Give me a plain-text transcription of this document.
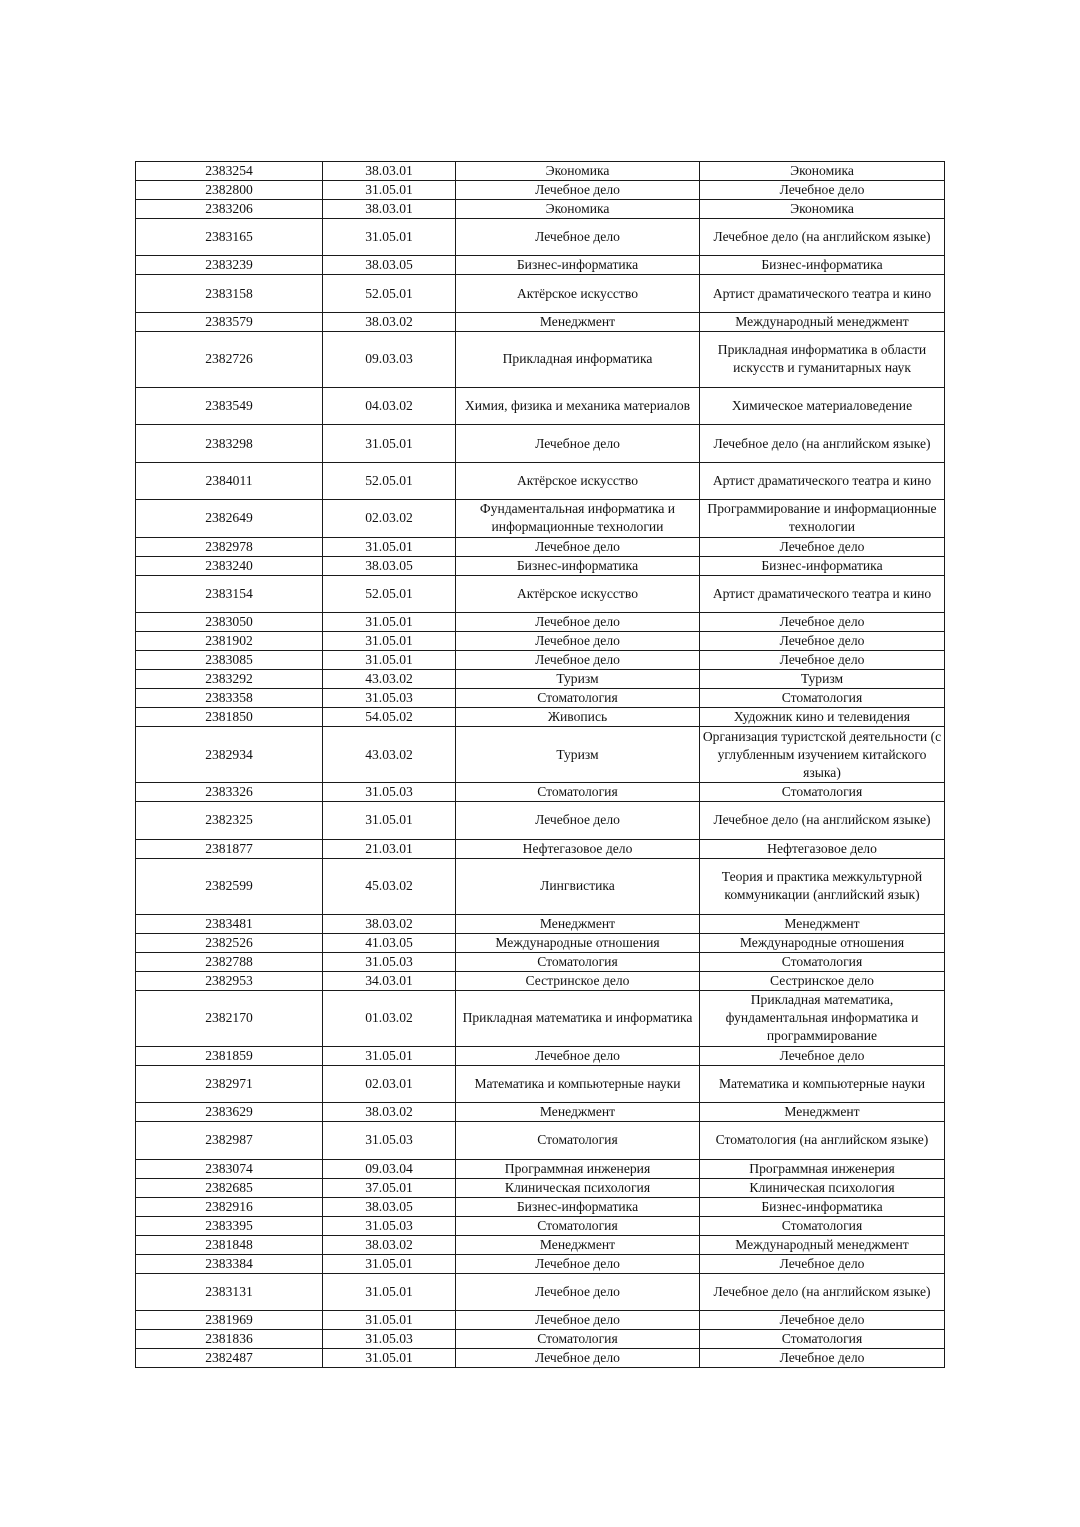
2383254	38.03.01	Экономика	Экономика
2382800	31.05.01	Лечебное дело	Лечебное дело
2383206	38.03.01	Экономика	Экономика
2383165	31.05.01	Лечебное дело	Лечебное дело (на английском языке)
2383239	38.03.05	Бизнес-информатика	Бизнес-информатика
2383158	52.05.01	Актёрское искусство	Артист драматического театра и кино
2383579	38.03.02	Менеджмент	Международный менеджмент
2382726	09.03.03	Прикладная информатика	Прикладная информатика в области искусств и гуманитарных наук
2383549	04.03.02	Химия, физика и механика материалов	Химическое материаловедение
2383298	31.05.01	Лечебное дело	Лечебное дело (на английском языке)
2384011	52.05.01	Актёрское искусство	Артист драматического театра и кино
2382649	02.03.02	Фундаментальная информатика и информационные технологии	Программирование и информационные технологии
2382978	31.05.01	Лечебное дело	Лечебное дело
2383240	38.03.05	Бизнес-информатика	Бизнес-информатика
2383154	52.05.01	Актёрское искусство	Артист драматического театра и кино
2383050	31.05.01	Лечебное дело	Лечебное дело
2381902	31.05.01	Лечебное дело	Лечебное дело
2383085	31.05.01	Лечебное дело	Лечебное дело
2383292	43.03.02	Туризм	Туризм
2383358	31.05.03	Стоматология	Стоматология
2381850	54.05.02	Живопись	Художник кино и телевидения
2382934	43.03.02	Туризм	Организация туристской деятельности (с углубленным изучением китайского языка)
2383326	31.05.03	Стоматология	Стоматология
2382325	31.05.01	Лечебное дело	Лечебное дело (на английском языке)
2381877	21.03.01	Нефтегазовое дело	Нефтегазовое дело
2382599	45.03.02	Лингвистика	Теория и практика межкультурной коммуникации (английский язык)
2383481	38.03.02	Менеджмент	Менеджмент
2382526	41.03.05	Международные отношения	Международные отношения
2382788	31.05.03	Стоматология	Стоматология
2382953	34.03.01	Сестринское дело	Сестринское дело
2382170	01.03.02	Прикладная математика и информатика	Прикладная математика, фундаментальная информатика и программирование
2381859	31.05.01	Лечебное дело	Лечебное дело
2382971	02.03.01	Математика и компьютерные науки	Математика и компьютерные науки
2383629	38.03.02	Менеджмент	Менеджмент
2382987	31.05.03	Стоматология	Стоматология (на английском языке)
2383074	09.03.04	Программная инженерия	Программная инженерия
2382685	37.05.01	Клиническая психология	Клиническая психология
2382916	38.03.05	Бизнес-информатика	Бизнес-информатика
2383395	31.05.03	Стоматология	Стоматология
2381848	38.03.02	Менеджмент	Международный менеджмент
2383384	31.05.01	Лечебное дело	Лечебное дело
2383131	31.05.01	Лечебное дело	Лечебное дело (на английском языке)
2381969	31.05.01	Лечебное дело	Лечебное дело
2381836	31.05.03	Стоматология	Стоматология
2382487	31.05.01	Лечебное дело	Лечебное дело
